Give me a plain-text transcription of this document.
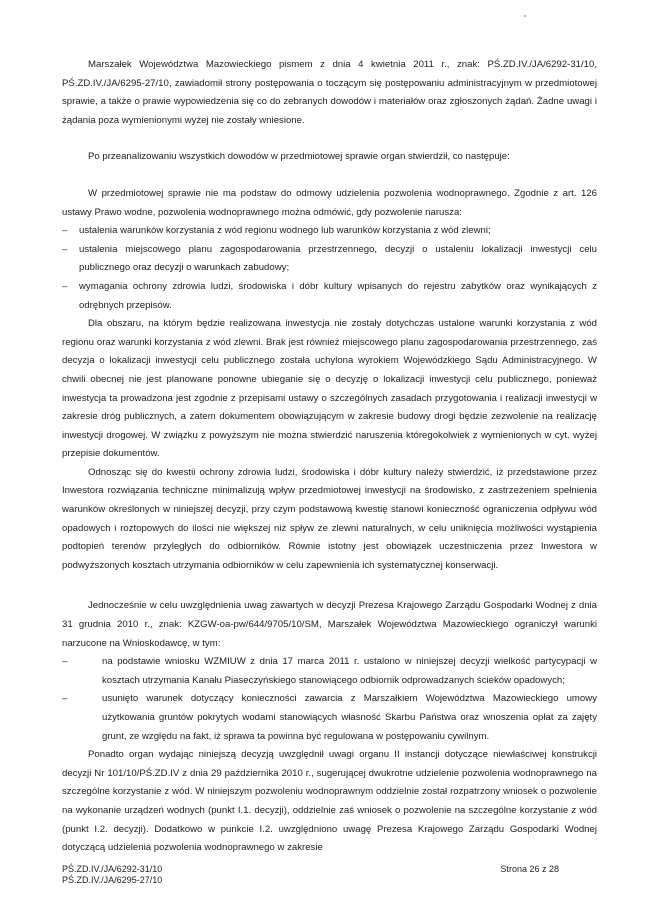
Marszałek Województwa Mazowieckiego pismem z dnia 4 kwietnia 2011 r., znak: PŚ.ZD.IV./JA/6292-31/10, PŚ.ZD.IV./JA/6295-27/10, zawiadomił strony postępowania o toczącym się postępowaniu administracyjnym w przedmiotowej sprawie, a także o prawie wypowiedzenia się co do zebranych dowodów i materiałów oraz zgłoszonych żądań. Żadne uwagi i żądania poza wymienionymi wyżej nie zostały wniesione.

Po przeanalizowaniu wszystkich dowodów w przedmiotowej sprawie organ stwierdził, co następuje:

W przedmiotowej sprawie nie ma podstaw do odmowy udzielenia pozwolenia wodnoprawnego. Zgodnie z art. 126 ustawy Prawo wodne, pozwolenia wodnoprawnego można odmówić, gdy pozwolenie narusza:

– ustalenia warunków korzystania z wód regionu wodnego lub warunków korzystania z wód zlewni;

– ustalenia miejscowego planu zagospodarowania przestrzennego, decyzji o ustaleniu lokalizacji inwestycji celu publicznego oraz decyzji o warunkach zabudowy;

– wymagania ochrony zdrowia ludzi, środowiska i dóbr kultury wpisanych do rejestru zabytków oraz wynikających z odrębnych przepisów.

Dla obszaru, na którym będzie realizowana inwestycja nie zostały dotychczas ustalone warunki korzystania z wód regionu oraz warunki korzystania z wód zlewni. Brak jest również miejscowego planu zagospodarowania przestrzennego, zaś decyzja o lokalizacji inwestycji celu publicznego została uchylona wyrokiem Wojewódzkiego Sądu Administracyjnego. W chwili obecnej nie jest planowane ponowne ubieganie się o decyzję o lokalizacji inwestycji celu publicznego, ponieważ inwestycja ta prowadzona jest zgodnie z przepisami ustawy o szczególnych zasadach przygotowania i realizacji inwestycji w zakresie dróg publicznych, a zatem dokumentem obowiązującym w zakresie budowy drogi będzie zezwolenie na realizację inwestycji drogowej. W związku z powyższym nie można stwierdzić naruszenia któregokolwiek z wymienionych w cyt. wyżej przepisie dokumentów.

Odnosząc się do kwestii ochrony zdrowia ludzi, środowiska i dóbr kultury należy stwierdzić, iż przedstawione przez Inwestora rozwiązania techniczne minimalizują wpływ przedmiotowej inwestycji na środowisko, z zastrzeżeniem spełnienia warunków określonych w niniejszej decyzji, przy czym podstawową kwestię stanowi konieczność ograniczenia odpływu wód opadowych i roztopowych do ilości nie większej niż spływ ze zlewni naturalnych, w celu uniknięcia możliwości wystąpienia podtopień terenów przyległych do odbiorników. Równie istotny jest obowiązek uczestniczenia przez Inwestora w podwyższonych kosztach utrzymania odbiorników w celu zapewnienia ich systematycznej konserwacji.

Jednocześnie w celu uwzględnienia uwag zawartych w decyzji Prezesa Krajowego Zarządu Gospodarki Wodnej z dnia 31 grudnia 2010 r., znak: KZGW-oa-pw/644/9705/10/SM, Marszałek Województwa Mazowieckiego ograniczył warunki narzucone na Wnioskodawcę, w tym:

– na podstawie wniosku WZMIUW z dnia 17 marca 2011 r. ustalono w niniejszej decyzji wielkość partycypacji w kosztach utrzymania Kanału Piaseczyńskiego stanowiącego odbiornik odprowadzanych ścieków opadowych;

– usunięto warunek dotyczący konieczności zawarcia z Marszałkiem Województwa Mazowieckiego umowy użytkowania gruntów pokrytych wodami stanowiących własność Skarbu Państwa oraz wnoszenia opłat za zajęty grunt, ze względu na fakt, iż sprawa ta powinna być regulowana w postępowaniu cywilnym.

Ponadto organ wydając niniejszą decyzją uwzględnił uwagi organu II instancji dotyczące niewłaściwej konstrukcji decyzji Nr 101/10/PŚ.ZD.IV z dnia 29 października 2010 r., sugerującej dwukrotne udzielenie pozwolenia wodnoprawnego na szczególne korzystanie z wód. W niniejszym pozwoleniu wodnoprawnym oddzielnie został rozpatrzony wniosek o pozwolenie na wykonanie urządzeń wodnych (punkt I.1. decyzji), oddzielnie zaś wniosek o pozwolenie na szczególne korzystanie z wód (punkt I.2. decyzji). Dodatkowo w punkcie I.2. uwzględniono uwagę Prezesa Krajowego Zarządu Gospodarki Wodnej dotyczącą udzielenia pozwolenia wodnoprawnego w zakresie

PŚ.ZD.IV./JA/6292-31/10
PŚ.ZD.IV./JA/6295-27/10
Strona 26 z 28
